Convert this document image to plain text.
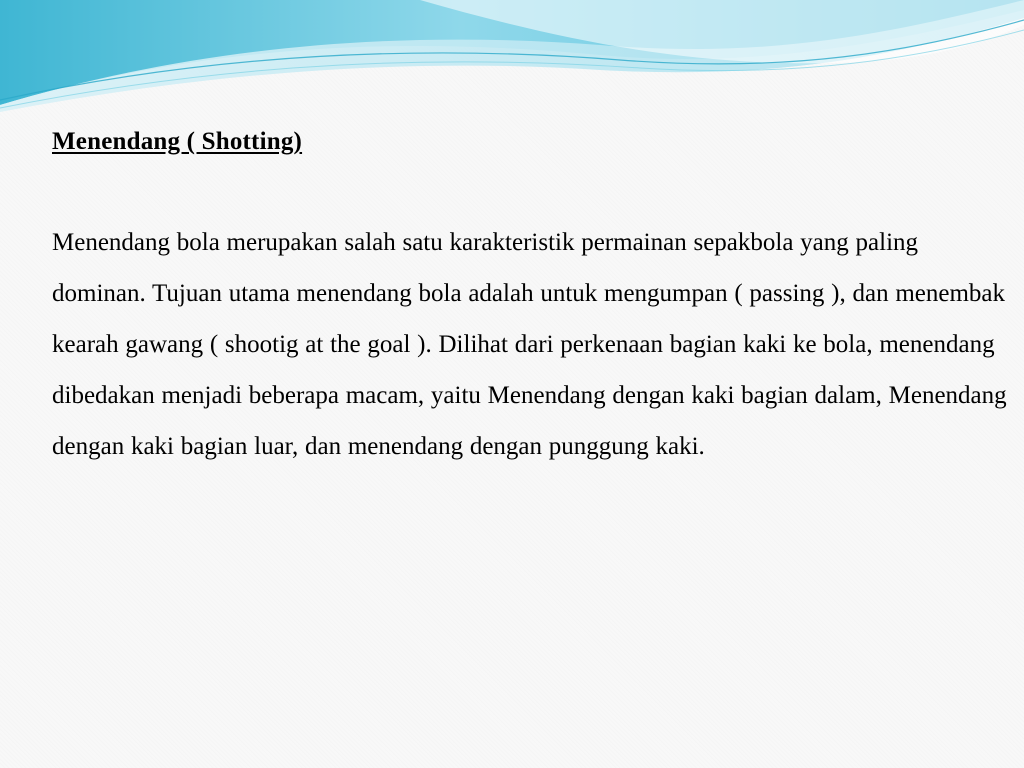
Menendang ( Shotting)

Menendang bola merupakan salah satu karakteristik permainan sepakbola yang paling dominan. Tujuan utama menendang bola adalah untuk mengumpan ( passing ), dan menembak kearah gawang ( shootig at the goal ). Dilihat dari perkenaan bagian kaki ke bola, menendang dibedakan menjadi beberapa macam, yaitu Menendang dengan kaki bagian dalam, Menendang dengan kaki bagian luar, dan menendang dengan punggung kaki.
